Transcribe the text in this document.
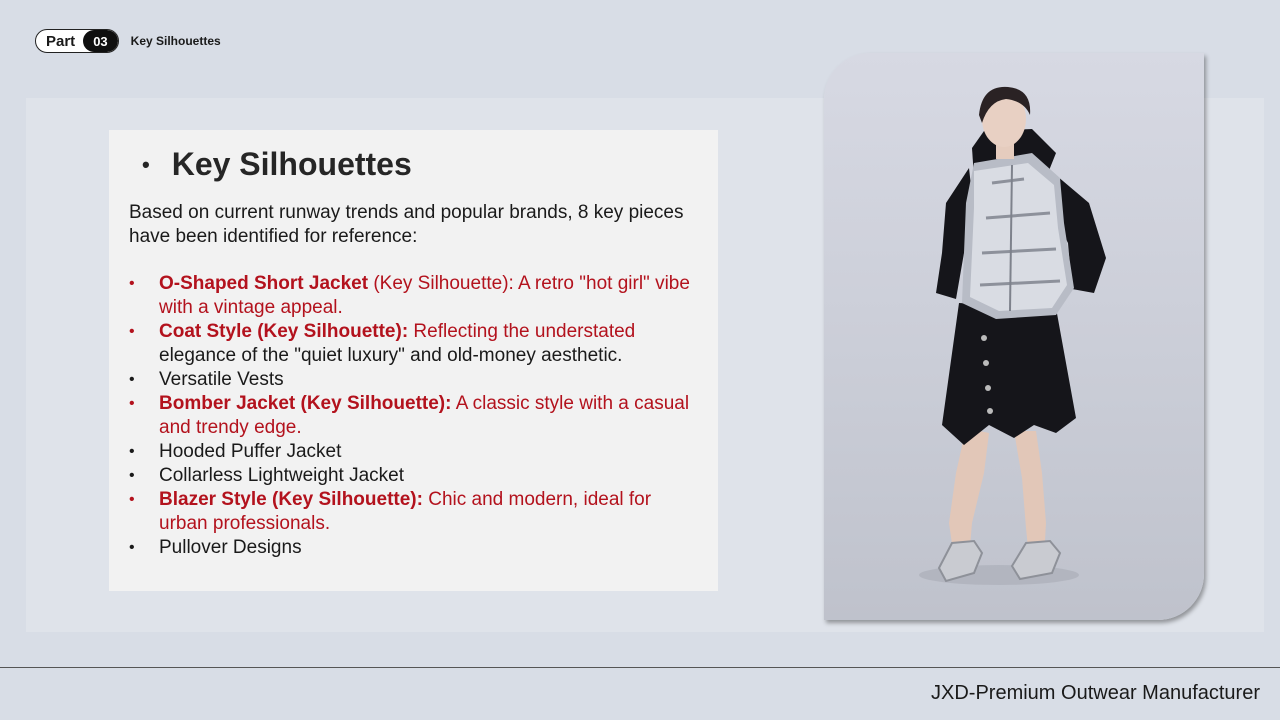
Part	03	Key Silhouettes
• Key Silhouettes
Based on current runway trends and popular brands, 8 key pieces have been identified for reference:
• O-Shaped Short Jacket (Key Silhouette): A retro "hot girl" vibe with a vintage appeal.
• Coat Style (Key Silhouette): Reflecting the understated elegance of the "quiet luxury" and old-money aesthetic.
• Versatile Vests
• Bomber Jacket (Key Silhouette): A classic style with a casual and trendy edge.
• Hooded Puffer Jacket
• Collarless Lightweight Jacket
• Blazer Style (Key Silhouette): Chic and modern, ideal for urban professionals.
• Pullover Designs
JXD-Premium Outwear Manufacturer
